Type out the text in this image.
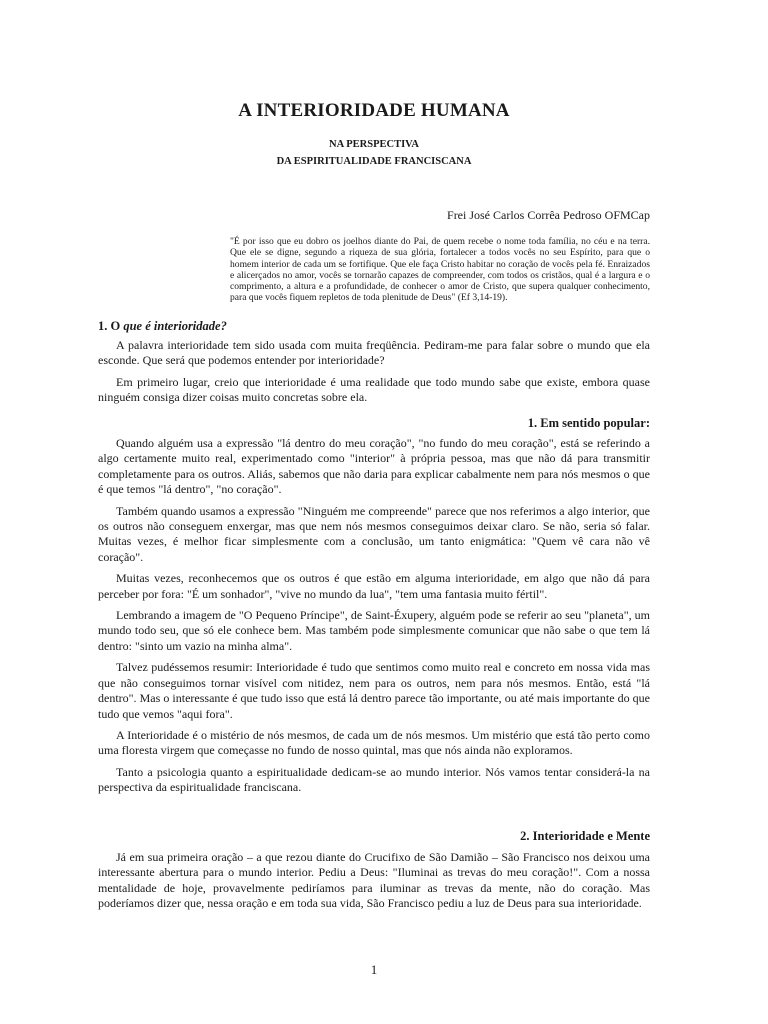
A INTERIORIDADE HUMANA
NA PERSPECTIVA
DA ESPIRITUALIDADE FRANCISCANA
Frei José Carlos Corrêa Pedroso OFMCap
"É por isso que eu dobro os joelhos diante do Pai, de quem recebe o nome toda família, no céu e na terra. Que ele se digne, segundo a riqueza de sua glória, fortalecer a todos vocês no seu Espírito, para que o homem interior de cada um se fortifique. Que ele faça Cristo habitar no coração de vocês pela fé. Enraizados e alicerçados no amor, vocês se tornarão capazes de compreender, com todos os cristãos, qual é a largura e o comprimento, a altura e a profundidade, de conhecer o amor de Cristo, que supera qualquer conhecimento, para que vocês fiquem repletos de toda plenitude de Deus" (Ef 3,14-19).
1. O que é interioridade?

A palavra interioridade tem sido usada com muita freqüência. Pediram-me para falar sobre o mundo que ela esconde. Que será que podemos entender por interioridade?

Em primeiro lugar, creio que interioridade é uma realidade que todo mundo sabe que existe, embora quase ninguém consiga dizer coisas muito concretas sobre ela.

1. Em sentido popular:

Quando alguém usa a expressão "lá dentro do meu coração", "no fundo do meu coração", está se referindo a algo certamente muito real, experimentado como "interior" à própria pessoa, mas que não dá para transmitir completamente para os outros. Aliás, sabemos que não daria para explicar cabalmente nem para nós mesmos o que é que temos "lá dentro", "no coração".

Também quando usamos a expressão "Ninguém me compreende" parece que nos referimos a algo interior, que os outros não conseguem enxergar, mas que nem nós mesmos conseguimos deixar claro. Se não, seria só falar. Muitas vezes, é melhor ficar simplesmente com a conclusão, um tanto enigmática: "Quem vê cara não vê coração".

Muitas vezes, reconhecemos que os outros é que estão em alguma interioridade, em algo que não dá para perceber por fora: "É um sonhador", "vive no mundo da lua", "tem uma fantasia muito fértil".

Lembrando a imagem de "O Pequeno Príncipe", de Saint-Éxupery, alguém pode se referir ao seu "planeta", um mundo todo seu, que só ele conhece bem. Mas também pode simplesmente comunicar que não sabe o que tem lá dentro: "sinto um vazio na minha alma".

Talvez pudéssemos resumir: Interioridade é tudo que sentimos como muito real e concreto em nossa vida mas que não conseguimos tornar visível com nitidez, nem para os outros, nem para nós mesmos. Então, está "lá dentro". Mas o interessante é que tudo isso que está lá dentro parece tão importante, ou até mais importante do que tudo que vemos "aqui fora".

A Interioridade é o mistério de nós mesmos, de cada um de nós mesmos. Um mistério que está tão perto como uma floresta virgem que começasse no fundo de nosso quintal, mas que nós ainda não exploramos.

Tanto a psicologia quanto a espiritualidade dedicam-se ao mundo interior. Nós vamos tentar considerá-la na perspectiva da espiritualidade franciscana.

2. Interioridade e Mente

Já em sua primeira oração – a que rezou diante do Crucifixo de São Damião – São Francisco nos deixou uma interessante abertura para o mundo interior. Pediu a Deus: "Iluminai as trevas do meu coração!". Com a nossa mentalidade de hoje, provavelmente pediríamos para iluminar as trevas da mente, não do coração. Mas poderíamos dizer que, nessa oração e em toda sua vida, São Francisco pediu a luz de Deus para sua interioridade.

1
